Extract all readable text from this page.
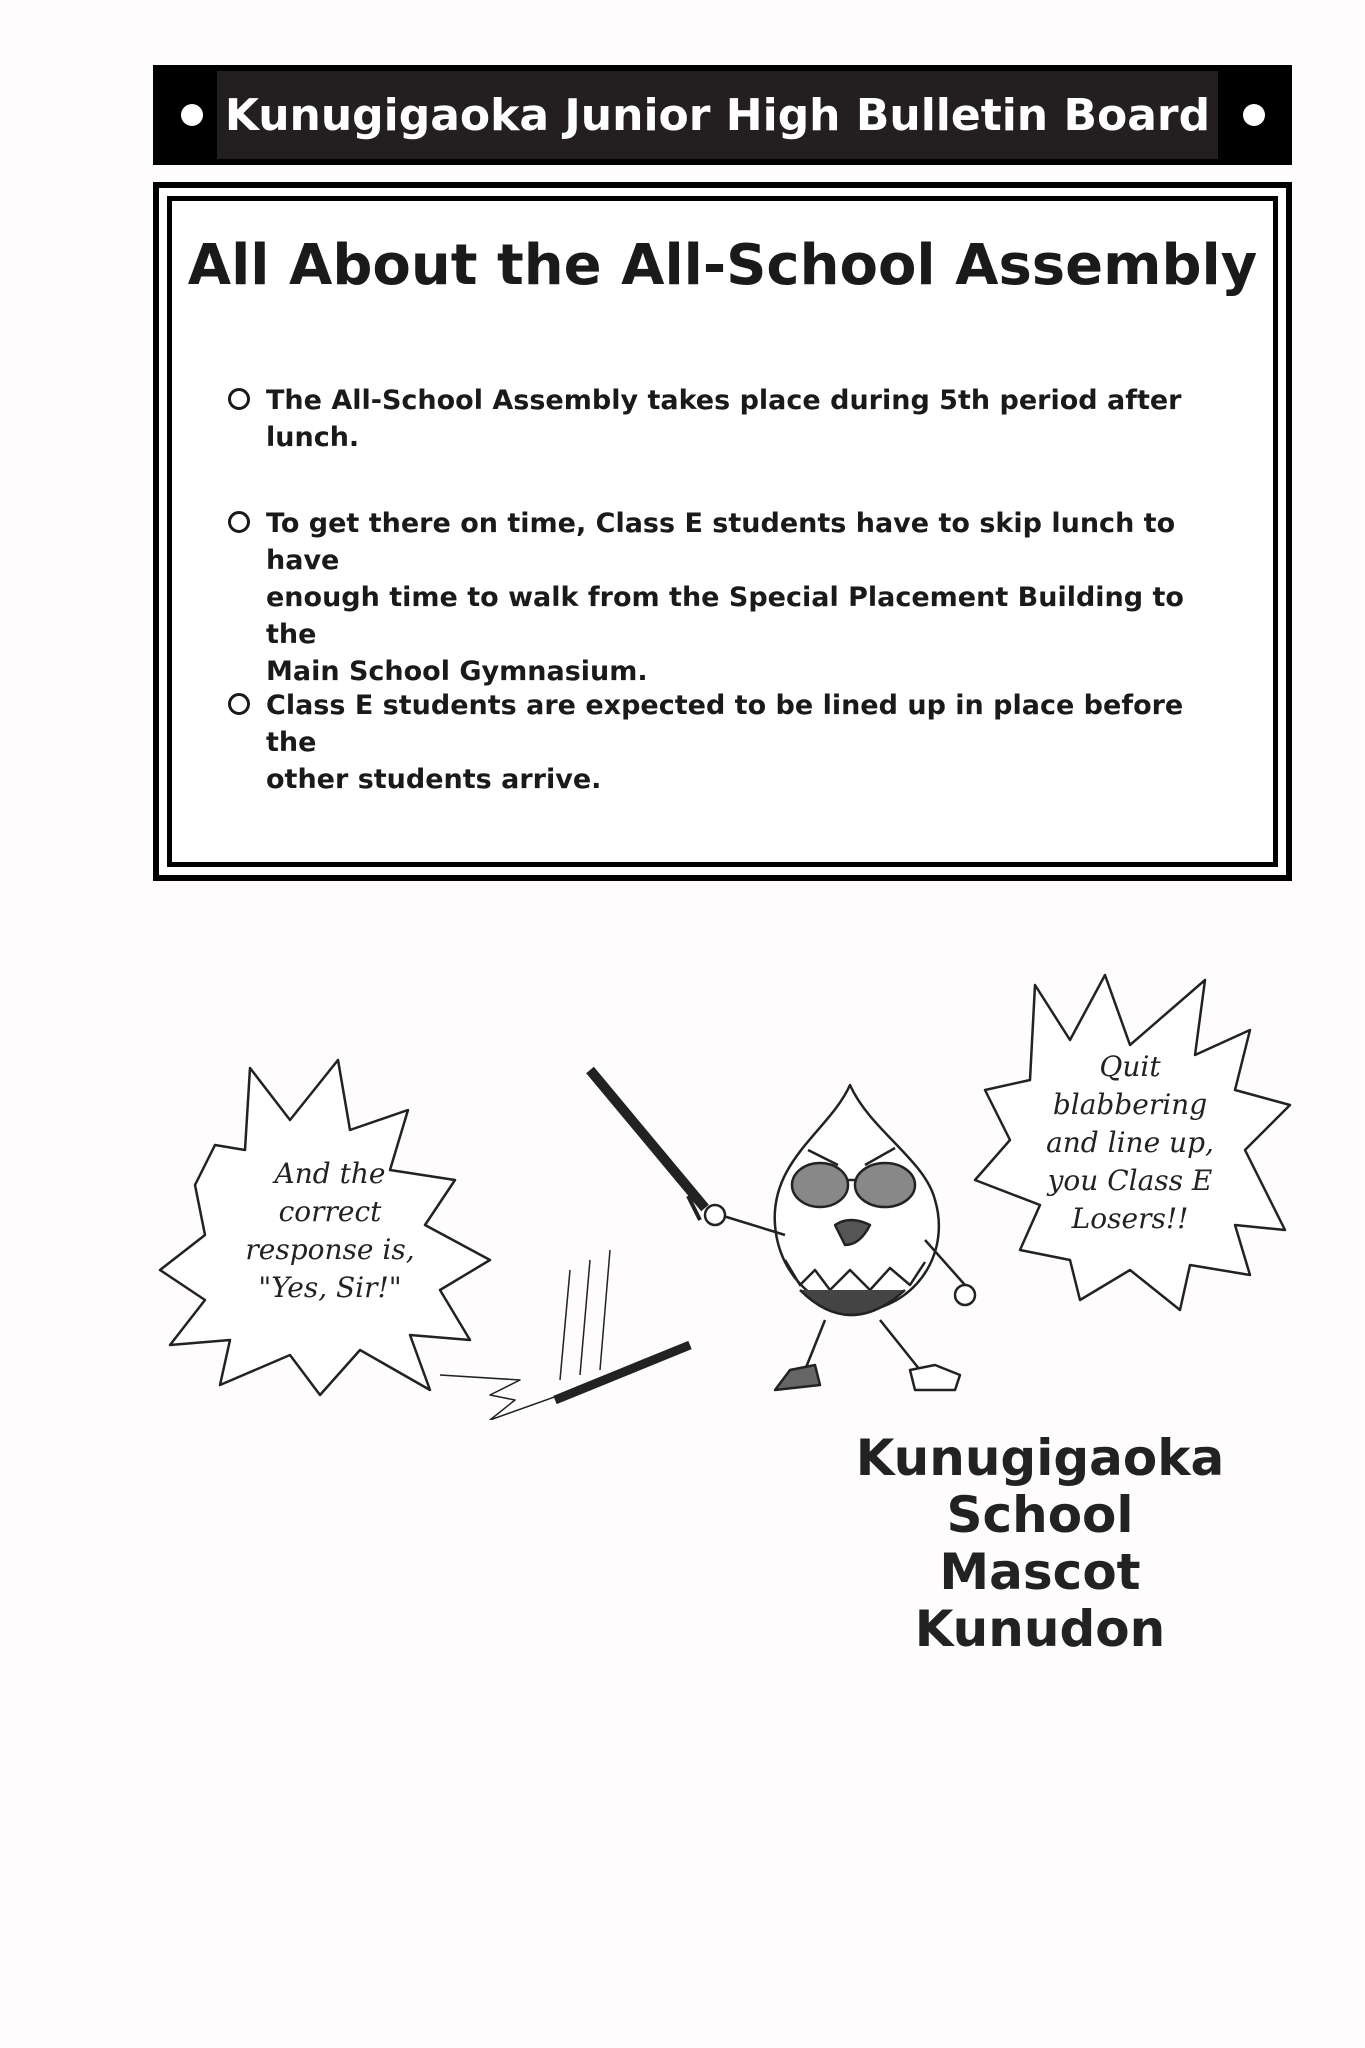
Kunugigaoka Junior High Bulletin Board
All About the All-School Assembly
The All-School Assembly takes place during 5th period after lunch.
To get there on time, Class E students have to skip lunch to have
enough time to walk from the Special Placement Building to the
Main School Gymnasium.
Class E students are expected to be lined up in place before the
other students arrive.
And the
correct
response is,
"Yes, Sir!"
Quit
blabbering
and line up,
you Class E
Losers!!
Kunugigaoka
School Mascot
Kunudon
